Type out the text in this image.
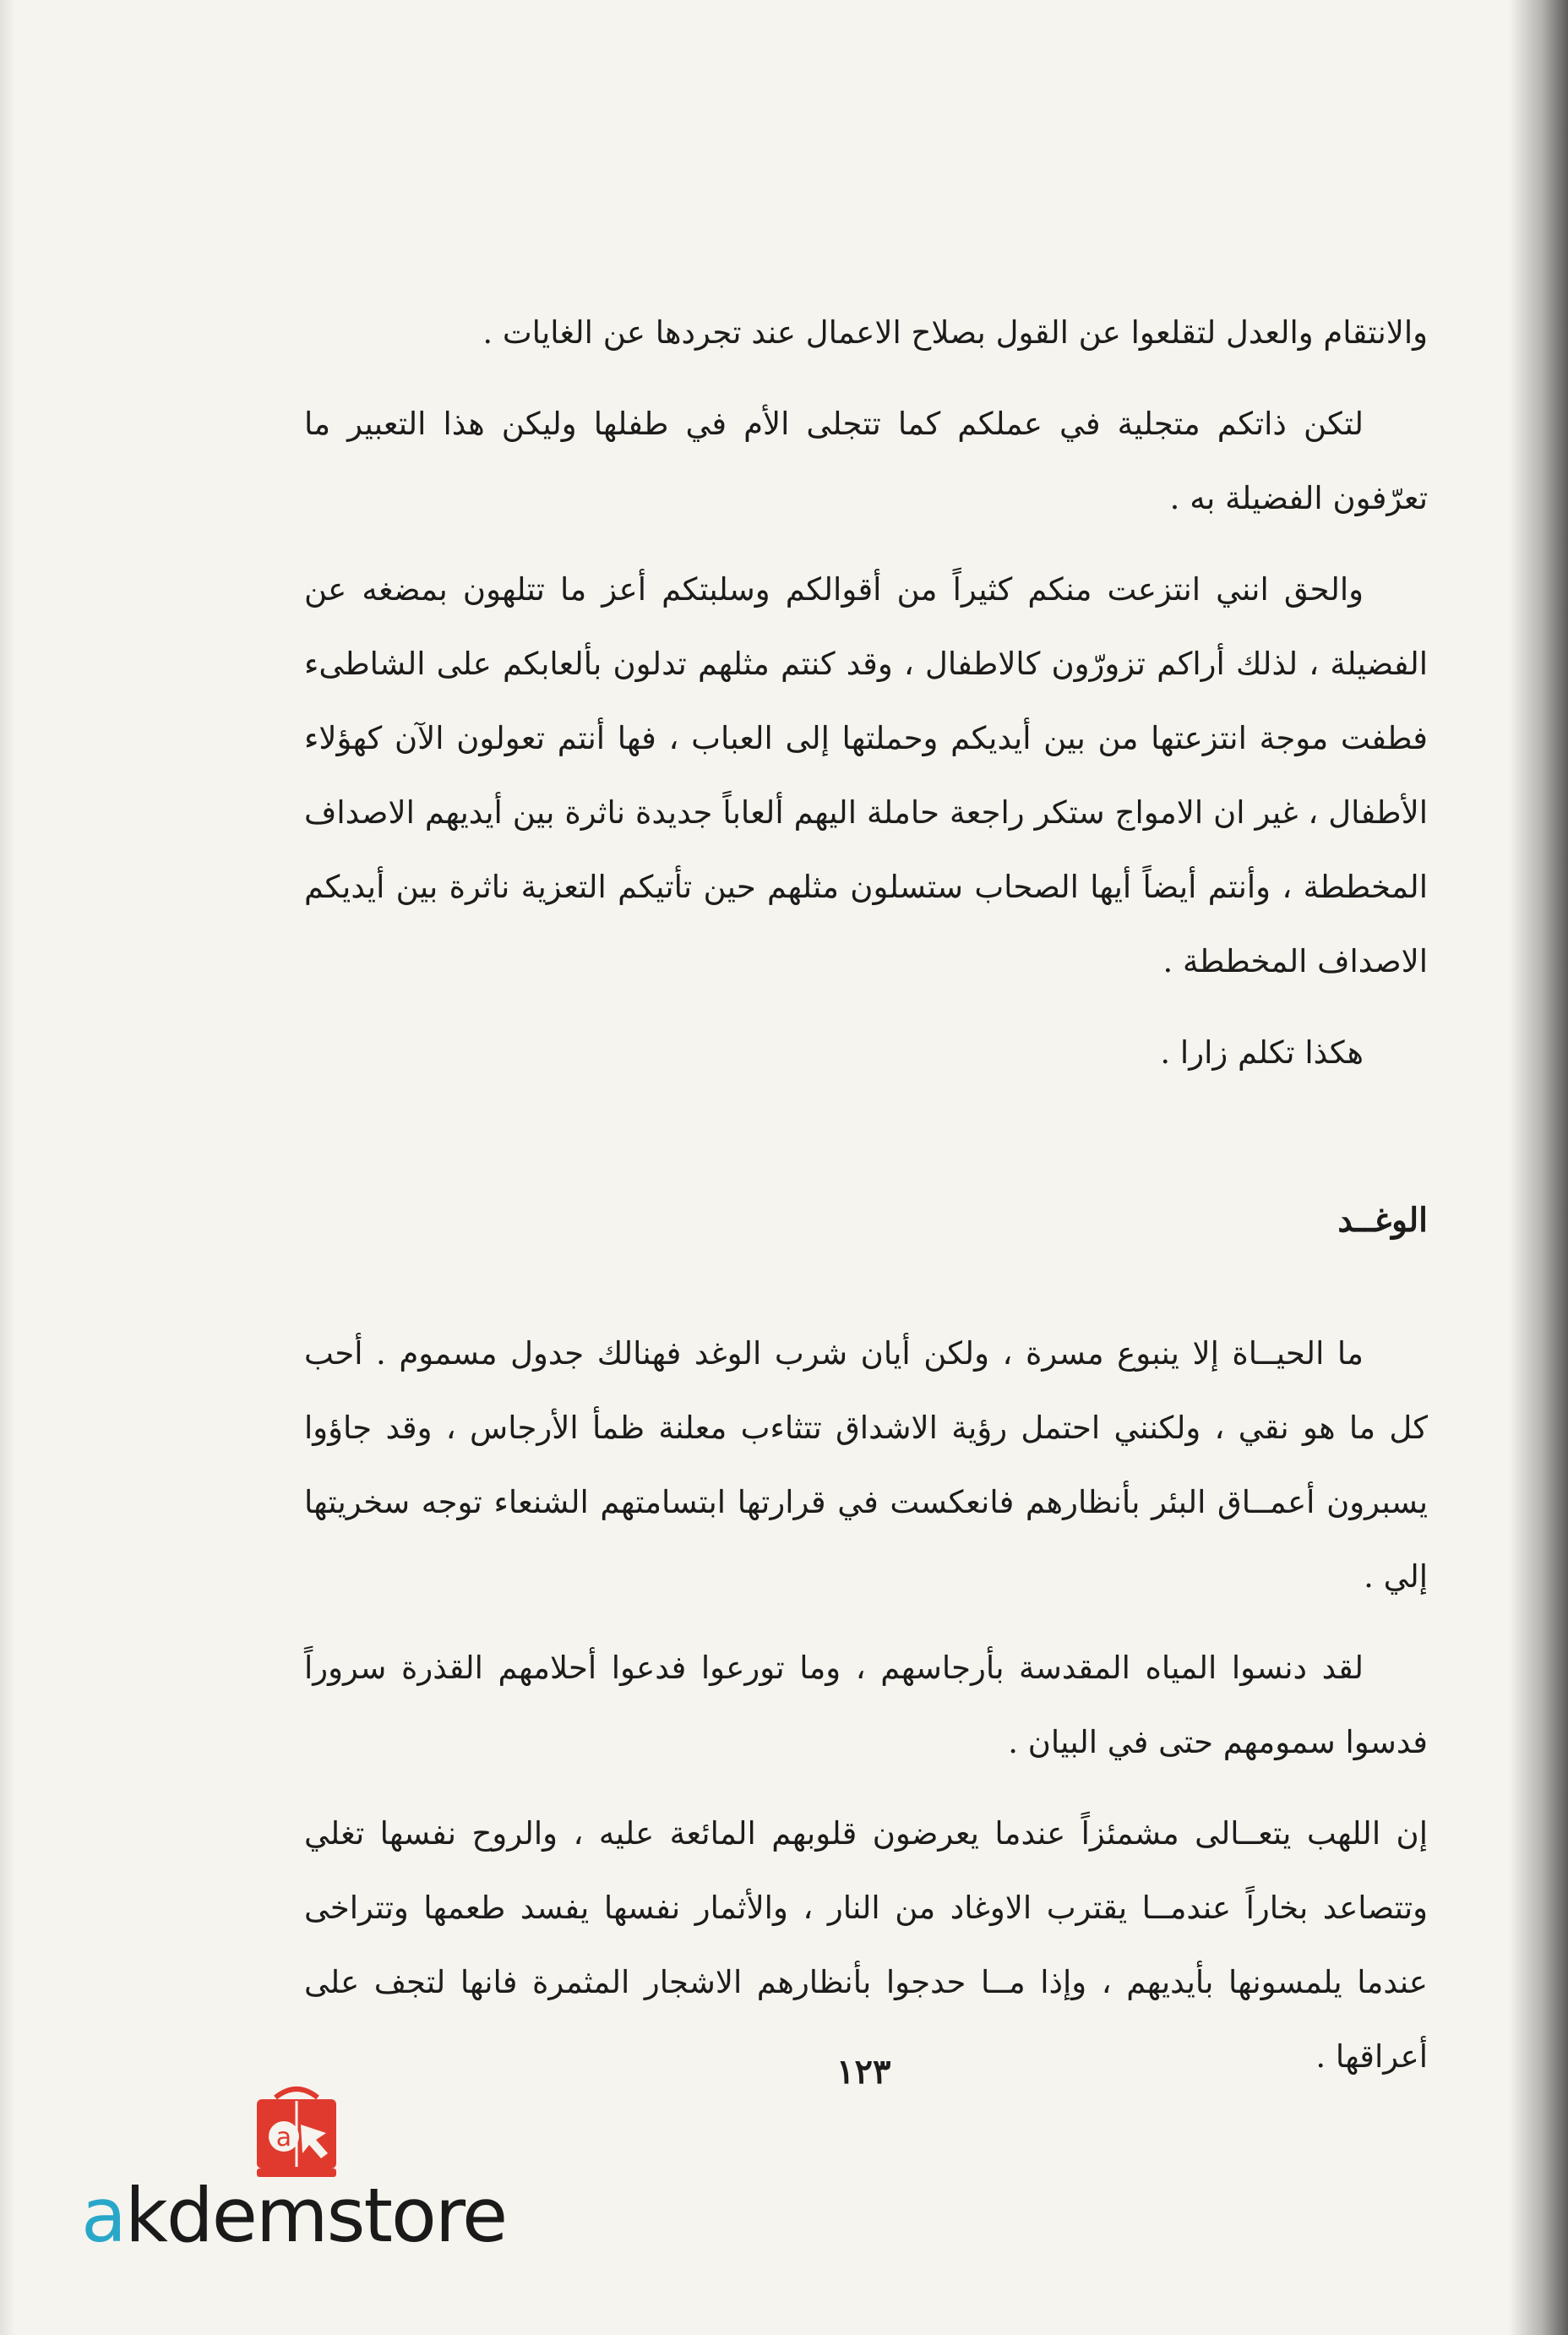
والانتقام والعدل لتقلعوا عن القول بصلاح الاعمال عند تجردها عن الغايات .

لتكن ذاتكم متجلية في عملكم كما تتجلى الأم في طفلها وليكن هذا التعبير ما تعرّفون الفضيلة به .

والحق انني انتزعت منكم كثيراً من أقوالكم وسلبتكم أعز ما تتلهون بمضغه عن الفضيلة ، لذلك أراكم تزورّون كالاطفال ، وقد كنتم مثلهم تدلون بألعابكم على الشاطىء فطفت موجة انتزعتها من بين أيديكم وحملتها إلى العباب ، فها أنتم تعولون الآن كهؤلاء الأطفال ، غير ان الامواج ستكر راجعة حاملة اليهم ألعاباً جديدة ناثرة بين أيديهم الاصداف المخططة ، وأنتم أيضاً أيها الصحاب ستسلون مثلهم حين تأتيكم التعزية ناثرة بين أيديكم الاصداف المخططة .

هكذا تكلم زارا .

الوغــد

ما الحيــاة إلا ينبوع مسرة ، ولكن أيان شرب الوغد فهنالك جدول مسموم . أحب كل ما هو نقي ، ولكنني احتمل رؤية الاشداق تتثاءب معلنة ظمأ الأرجاس ، وقد جاؤوا يسبرون أعمــاق البئر بأنظارهم فانعكست في قرارتها ابتسامتهم الشنعاء توجه سخريتها إلي .

لقد دنسوا المياه المقدسة بأرجاسهم ، وما تورعوا فدعوا أحلامهم القذرة سروراً فدسوا سمومهم حتى في البيان .

إن اللهب يتعــالى مشمئزاً عندما يعرضون قلوبهم المائعة عليه ، والروح نفسها تغلي وتتصاعد بخاراً عندمــا يقترب الاوغاد من النار ، والأثمار نفسها يفسد طعمها وتتراخى عندما يلمسونها بأيديهم ، وإذا مــا حدجوا بأنظارهم الاشجار المثمرة فانها لتجف على أعراقها .

١٢٣
a
akdemstore
